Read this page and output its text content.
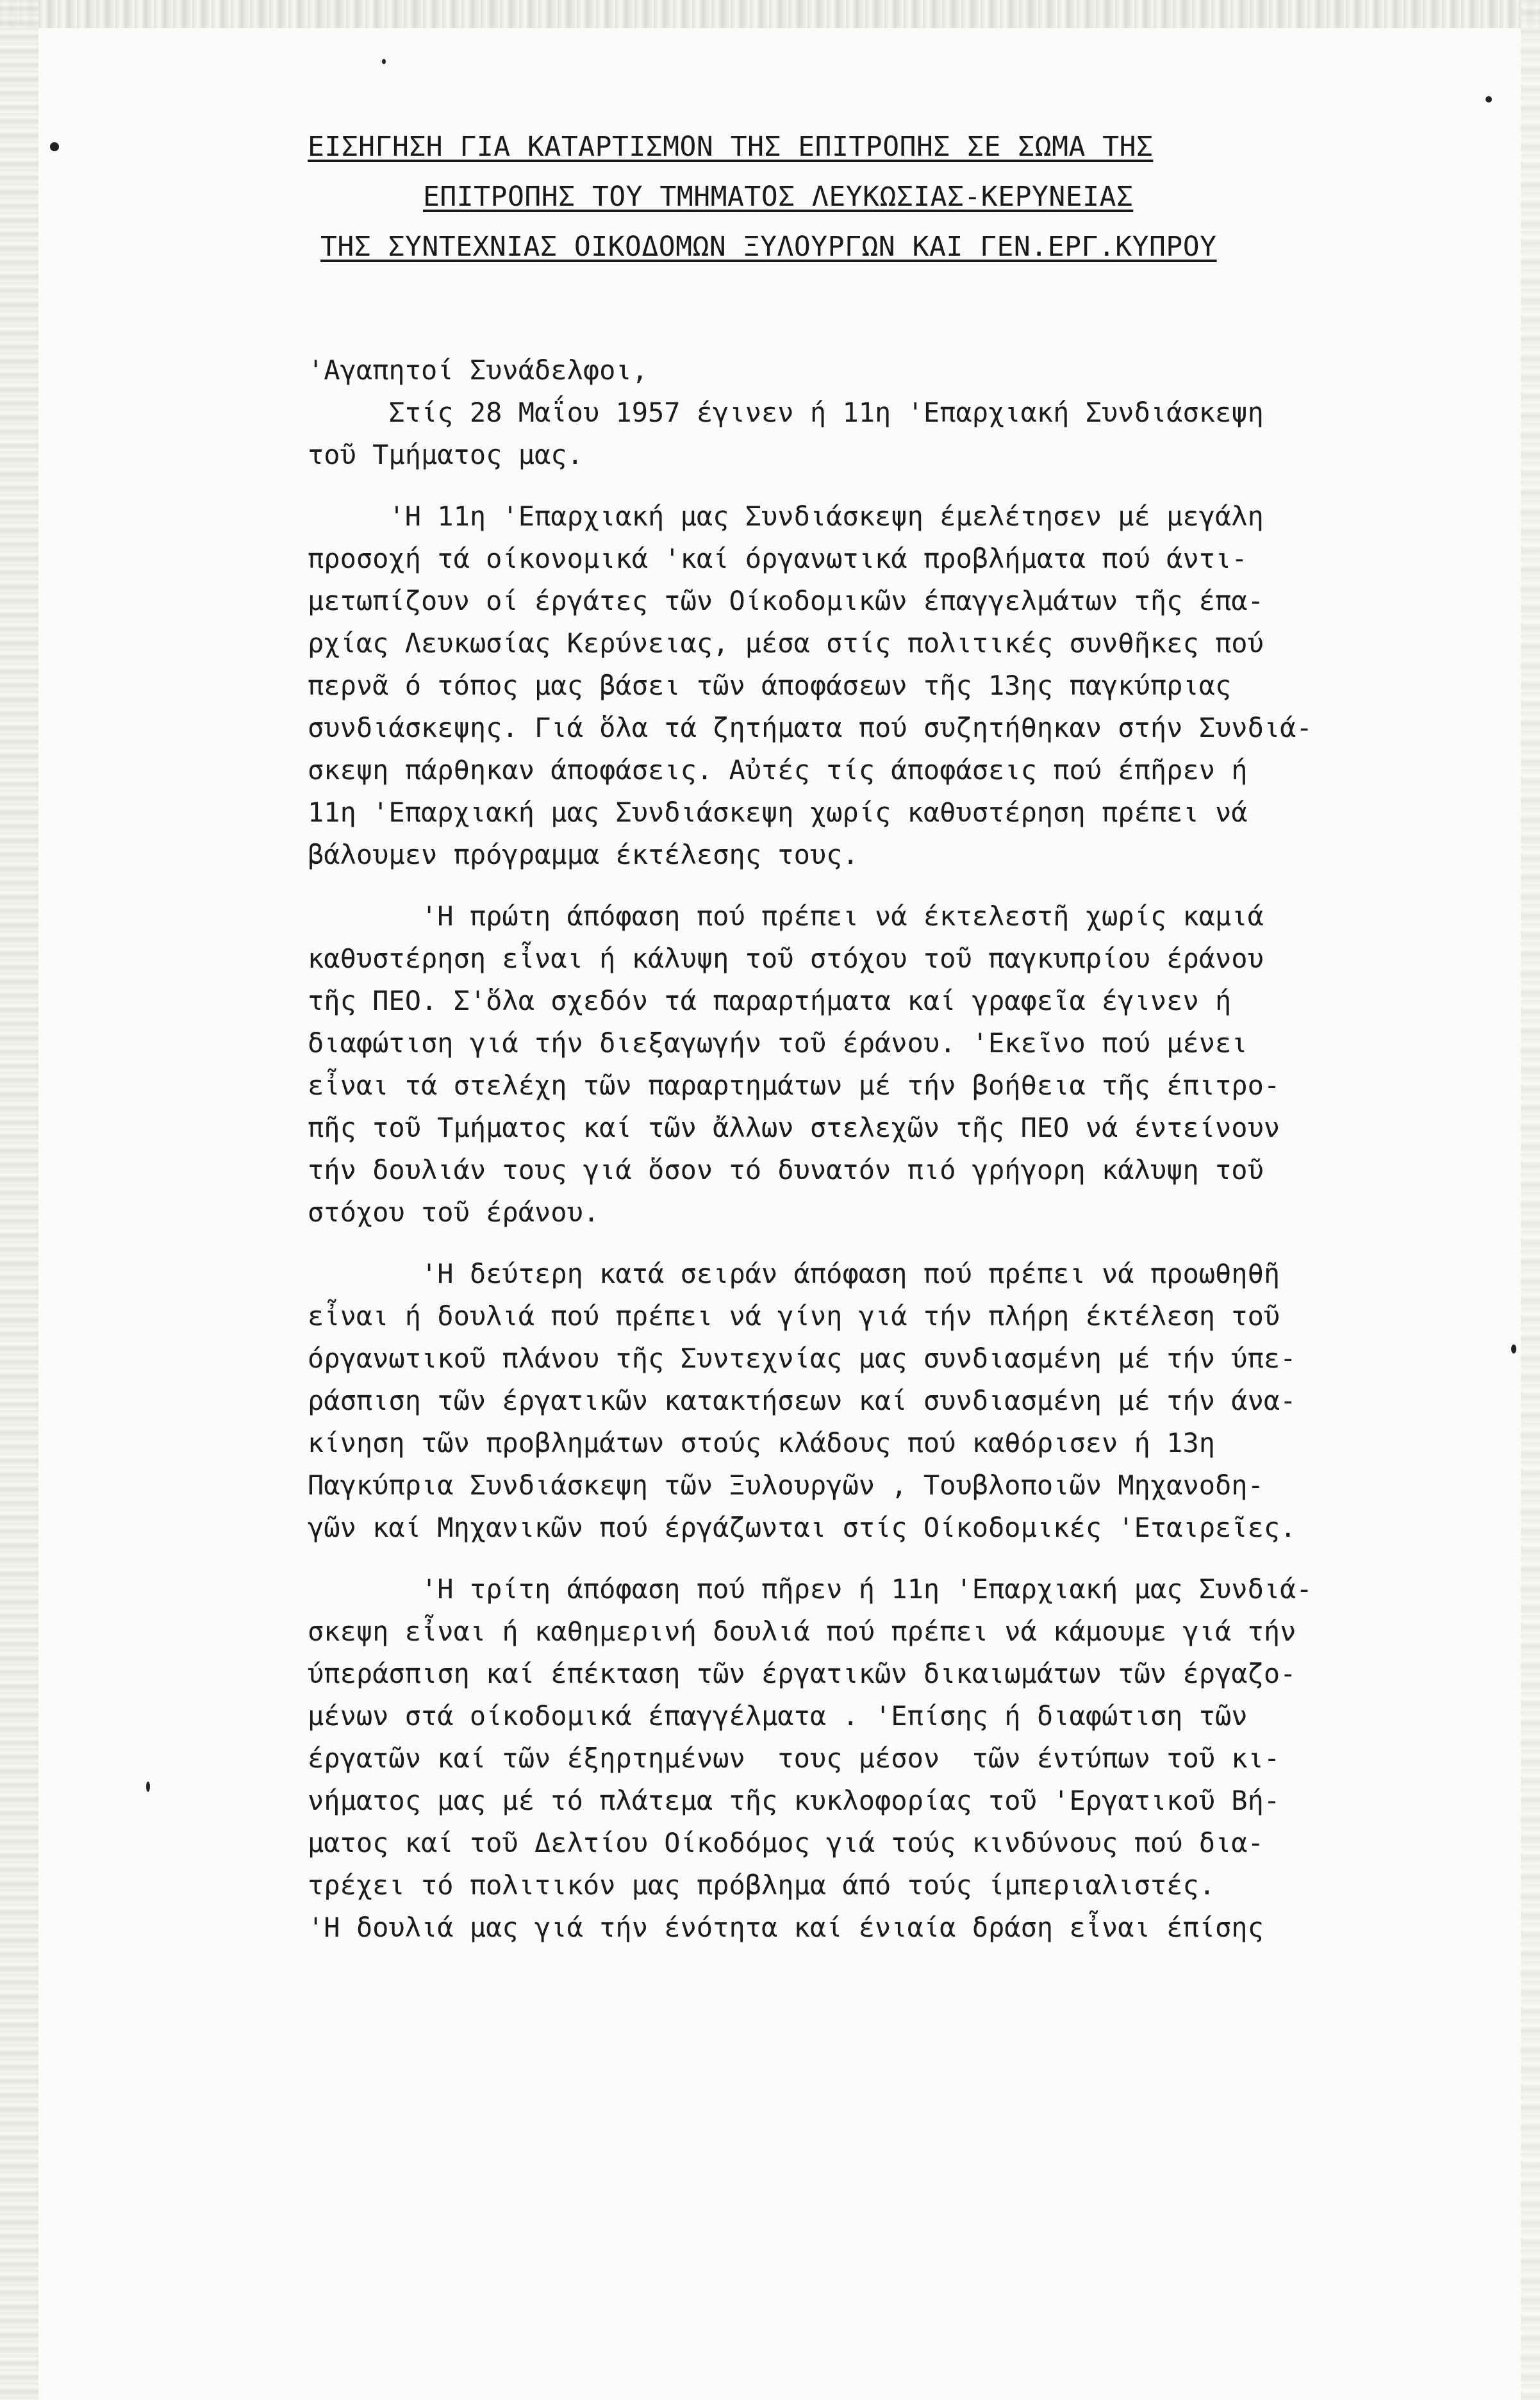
ΕΙΣΗΓΗΣΗ ΓΙΑ ΚΑΤΑΡΤΙΣΜΟΝ ΤΗΣ ΕΠΙΤΡΟΠΗΣ ΣΕ ΣΩΜΑ ΤΗΣ
ΕΠΙΤΡΟΠΗΣ ΤΟΥ ΤΜΗΜΑΤΟΣ ΛΕΥΚΩΣΙΑΣ-ΚΕΡΥΝΕΙΑΣ
ΤΗΣ ΣΥΝΤΕΧΝΙΑΣ ΟΙΚΟΔΟΜΩΝ ΞΥΛΟΥΡΓΩΝ ΚΑΙ ΓΕΝ.ΕΡΓ.ΚΥΠΡΟΥ
'Αγαπητοί Συνάδελφοι,
Στίς 28 Μαΐου 1957 έγινεν ή 11η 'Επαρχιακή Συνδιάσκεψη
τοῦ Τμήματος μας.
'Η 11η 'Επαρχιακή μας Συνδιάσκεψη έμελέτησεν μέ μεγάλη
προσοχή τά οίκονομικά 'καί όργανωτικά προβλήματα πού άντι-
μετωπίζουν οί έργάτες τῶν Οίκοδομικῶν έπαγγελμάτων τῆς έπα-
ρχίας Λευκωσίας Κερύνειας, μέσα στίς πολιτικές συνθῆκες πού
περνᾶ ό τόπος μας βάσει τῶν άποφάσεων τῆς 13ης παγκύπριας
συνδιάσκεψης. Γιά ὅλα τά ζητήματα πού συζητήθηκαν στήν Συνδιά-
σκεψη πάρθηκαν άποφάσεις. Αὐτές τίς άποφάσεις πού έπῆρεν ή
11η 'Επαρχιακή μας Συνδιάσκεψη χωρίς καθυστέρηση πρέπει νά
βάλουμεν πρόγραμμα έκτέλεσης τους.
'Η πρώτη άπόφαση πού πρέπει νά έκτελεστῆ χωρίς καμιά
καθυστέρηση εἶναι ή κάλυψη τοῦ στόχου τοῦ παγκυπρίου έράνου
τῆς ΠΕΟ. Σ'ὅλα σχεδόν τά παραρτήματα καί γραφεῖα έγινεν ή
διαφώτιση γιά τήν διεξαγωγήν τοῦ έράνου. 'Εκεῖνο πού μένει
εἶναι τά στελέχη τῶν παραρτημάτων μέ τήν βοήθεια τῆς έπιτρο-
πῆς τοῦ Τμήματος καί τῶν ἄλλων στελεχῶν τῆς ΠΕΟ νά έντείνουν
τήν δουλιάν τους γιά ὅσον τό δυνατόν πιό γρήγορη κάλυψη τοῦ
στόχου τοῦ έράνου.
'Η δεύτερη κατά σειράν άπόφαση πού πρέπει νά προωθηθῆ
εἶναι ή δουλιά πού πρέπει νά γίνη γιά τήν πλήρη έκτέλεση τοῦ
όργανωτικοῦ πλάνου τῆς Συντεχνίας μας συνδιασμένη μέ τήν ύπε-
ράσπιση τῶν έργατικῶν κατακτήσεων καί συνδιασμένη μέ τήν άνα-
κίνηση τῶν προβλημάτων στούς κλάδους πού καθόρισεν ή 13η
Παγκύπρια Συνδιάσκεψη τῶν Ξυλουργῶν , Τουβλοποιῶν Μηχανοδη-
γῶν καί Μηχανικῶν πού έργάζωνται στίς Οίκοδομικές 'Εταιρεῖες.
'Η τρίτη άπόφαση πού πῆρεν ή 11η 'Επαρχιακή μας Συνδιά-
σκεψη εἶναι ή καθημερινή δουλιά πού πρέπει νά κάμουμε γιά τήν
ύπεράσπιση καί έπέκταση τῶν έργατικῶν δικαιωμάτων τῶν έργαζο-
μένων στά οίκοδομικά έπαγγέλματα . 'Επίσης ή διαφώτιση τῶν
έργατῶν καί τῶν έξηρτημένων  τους μέσον  τῶν έντύπων τοῦ κι-
νήματος μας μέ τό πλάτεμα τῆς κυκλοφορίας τοῦ 'Εργατικοῦ Βή-
ματος καί τοῦ Δελτίου Οίκοδόμος γιά τούς κινδύνους πού δια-
τρέχει τό πολιτικόν μας πρόβλημα άπό τούς ίμπεριαλιστές.
'Η δουλιά μας γιά τήν ένότητα καί ένιαία δράση εἶναι έπίσης
